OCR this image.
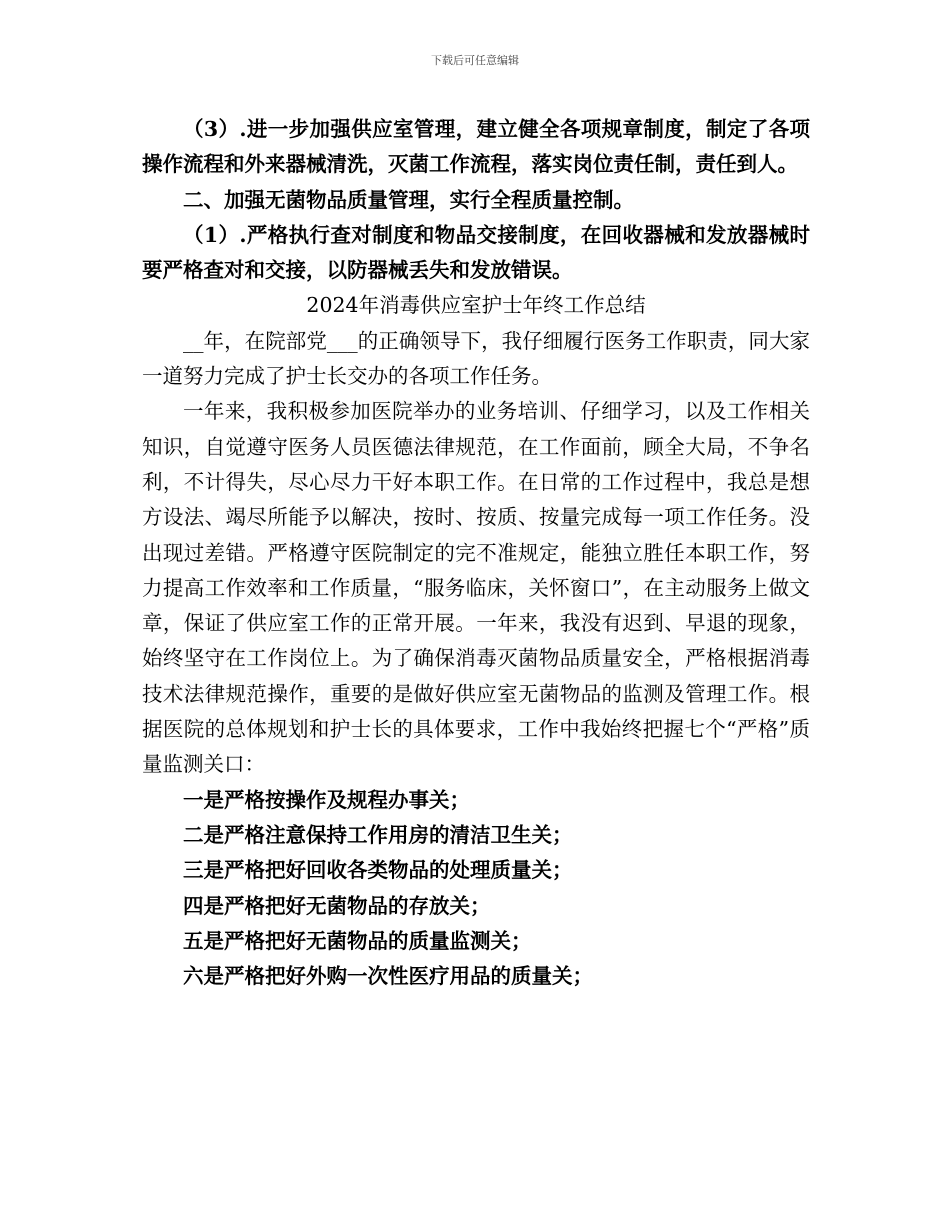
下载后可任意编辑

（3）.进一步加强供应室管理，建立健全各项规章制度，制定了各项操作流程和外来器械清洗，灭菌工作流程，落实岗位责任制，责任到人。

二、加强无菌物品质量管理，实行全程质量控制。

（1）.严格执行查对制度和物品交接制度，在回收器械和发放器械时要严格查对和交接，以防器械丢失和发放错误。

2024年消毒供应室护士年终工作总结

__年，在院部党___的正确领导下，我仔细履行医务工作职责，同大家一道努力完成了护士长交办的各项工作任务。

一年来，我积极参加医院举办的业务培训、仔细学习，以及工作相关知识，自觉遵守医务人员医德法律规范，在工作面前，顾全大局，不争名利，不计得失，尽心尽力干好本职工作。在日常的工作过程中，我总是想方设法、竭尽所能予以解决，按时、按质、按量完成每一项工作任务。没出现过差错。严格遵守医院制定的完不准规定，能独立胜任本职工作，努力提高工作效率和工作质量，“服务临床，关怀窗口”，在主动服务上做文章，保证了供应室工作的正常开展。一年来，我没有迟到、早退的现象，始终坚守在工作岗位上。为了确保消毒灭菌物品质量安全，严格根据消毒技术法律规范操作，重要的是做好供应室无菌物品的监测及管理工作。根据医院的总体规划和护士长的具体要求，工作中我始终把握七个“严格”质量监测关口：

一是严格按操作及规程办事关；

二是严格注意保持工作用房的清洁卫生关；

三是严格把好回收各类物品的处理质量关；

四是严格把好无菌物品的存放关；

五是严格把好无菌物品的质量监测关；

六是严格把好外购一次性医疗用品的质量关；
